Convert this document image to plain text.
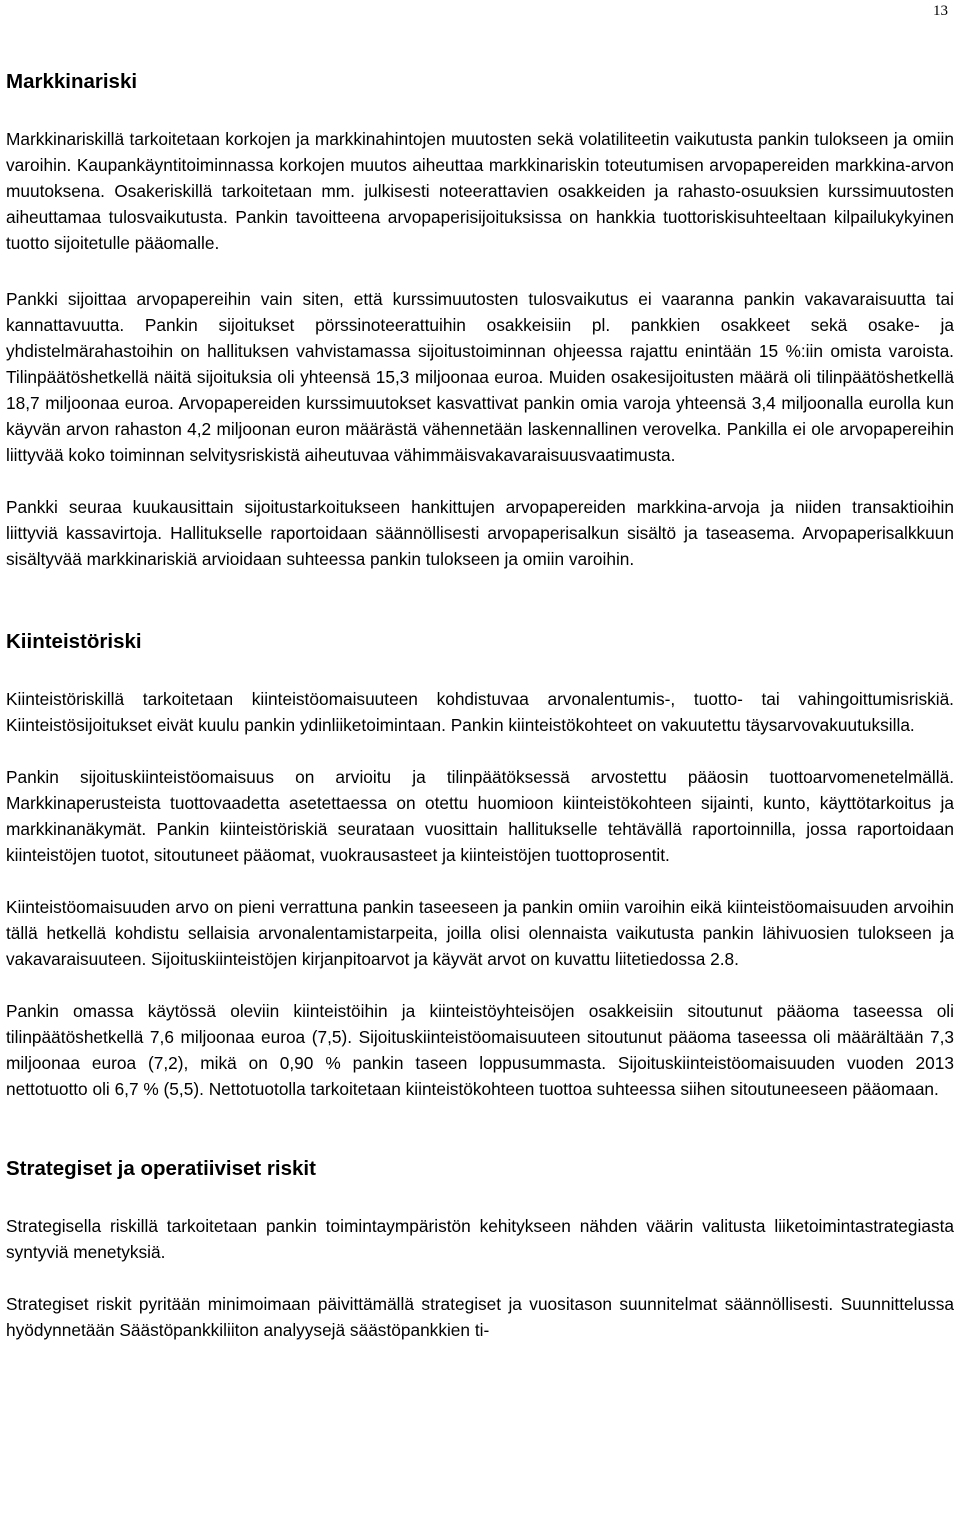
13
Markkinariski

Markkinariskillä tarkoitetaan korkojen ja markkinahintojen muutosten sekä volatiliteetin vaikutusta pankin tulokseen ja omiin varoihin. Kaupankäyntitoiminnassa korkojen muutos aiheuttaa markkinariskin toteutumisen arvopapereiden markkina-arvon muutoksena. Osakeriskillä tarkoitetaan mm. julkisesti noteerattavien osakkeiden ja rahasto-osuuksien kurssimuutosten aiheuttamaa tulosvaikutusta. Pankin tavoitteena arvopaperisijoituksissa on hankkia tuottoriskisuhteeltaan kilpailukykyinen tuotto sijoitetulle pääomalle.

Pankki sijoittaa arvopapereihin vain siten, että kurssimuutosten tulosvaikutus ei vaaranna pankin vakavaraisuutta tai kannattavuutta. Pankin sijoitukset pörssinoteerattuihin osakkeisiin pl. pankkien osakkeet sekä osake- ja yhdistelmärahastoihin on hallituksen vahvistamassa sijoitustoiminnan ohjeessa rajattu enintään 15 %:iin omista varoista. Tilinpäätöshetkellä näitä sijoituksia oli yhteensä 15,3 miljoonaa euroa. Muiden osakesijoitusten määrä oli tilinpäätöshetkellä 18,7 miljoonaa euroa. Arvopapereiden kurssimuutokset kasvattivat pankin omia varoja yhteensä 3,4 miljoonalla eurolla kun käyvän arvon rahaston 4,2 miljoonan euron määrästä vähennetään laskennallinen verovelka. Pankilla ei ole arvopapereihin liittyvää koko toiminnan selvitysriskistä aiheutuvaa vähimmäisvakavaraisuusvaatimusta.

Pankki seuraa kuukausittain sijoitustarkoitukseen hankittujen arvopapereiden markkina-arvoja ja niiden transaktioihin liittyviä kassavirtoja. Hallitukselle raportoidaan säännöllisesti arvopaperisalkun sisältö ja taseasema. Arvopaperisalkkuun sisältyvää markkinariskiä arvioidaan suhteessa pankin tulokseen ja omiin varoihin.

Kiinteistöriski

Kiinteistöriskillä tarkoitetaan kiinteistöomaisuuteen kohdistuvaa arvonalentumis-, tuotto- tai vahingoittumisriskiä. Kiinteistösijoitukset eivät kuulu pankin ydinliiketoimintaan. Pankin kiinteistökohteet on vakuutettu täysarvovakuutuksilla.

Pankin sijoituskiinteistöomaisuus on arvioitu ja tilinpäätöksessä arvostettu pääosin tuottoarvomenetelmällä. Markkinaperusteista tuottovaadetta asetettaessa on otettu huomioon kiinteistökohteen sijainti, kunto, käyttötarkoitus ja markkinanäkymät. Pankin kiinteistöriskiä seurataan vuosittain hallitukselle tehtävällä raportoinnilla, jossa raportoidaan kiinteistöjen tuotot, sitoutuneet pääomat, vuokrausasteet ja kiinteistöjen tuottoprosentit.

Kiinteistöomaisuuden arvo on pieni verrattuna pankin taseeseen ja pankin omiin varoihin eikä kiinteistöomaisuuden arvoihin tällä hetkellä kohdistu sellaisia arvonalentamistarpeita, joilla olisi olennaista vaikutusta pankin lähivuosien tulokseen ja vakavaraisuuteen. Sijoituskiinteistöjen kirjanpitoarvot ja käyvät arvot on kuvattu liitetiedossa 2.8.

Pankin omassa käytössä oleviin kiinteistöihin ja kiinteistöyhteisöjen osakkeisiin sitoutunut pääoma taseessa oli tilinpäätöshetkellä 7,6 miljoonaa euroa (7,5). Sijoituskiinteistöomaisuuteen sitoutunut pääoma taseessa oli määrältään 7,3 miljoonaa euroa (7,2), mikä on 0,90 % pankin taseen loppusummasta. Sijoituskiinteistöomaisuuden vuoden 2013 nettotuotto oli 6,7 % (5,5). Nettotuotolla tarkoitetaan kiinteistökohteen tuottoa suhteessa siihen sitoutuneeseen pääomaan.

Strategiset ja operatiiviset riskit

Strategisella riskillä tarkoitetaan pankin toimintaympäristön kehitykseen nähden väärin valitusta liiketoimintastrategiasta syntyviä menetyksiä.

Strategiset riskit pyritään minimoimaan päivittämällä strategiset ja vuositason suunnitelmat säännöllisesti. Suunnittelussa hyödynnetään Säästöpankkiliiton analyysejä säästöpankkien ti-
